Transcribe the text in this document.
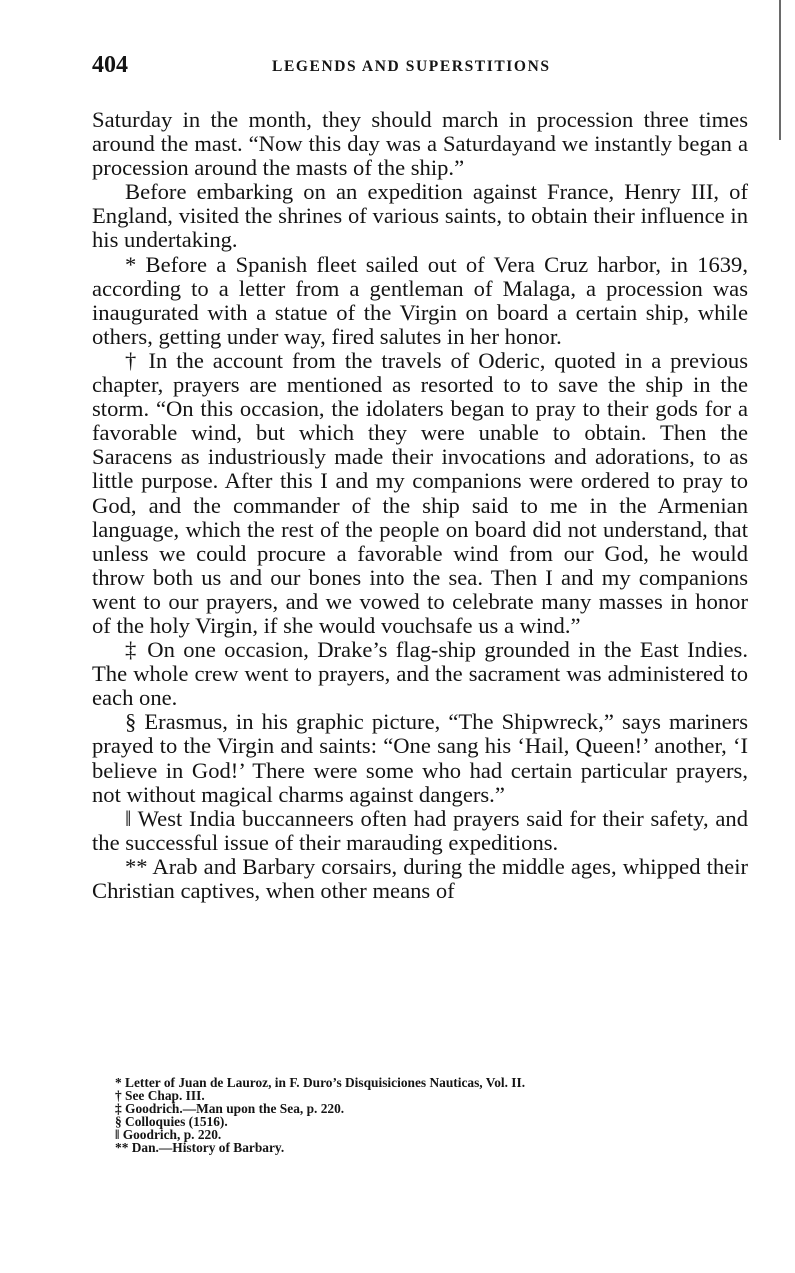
404	LEGENDS AND SUPERSTITIONS

Saturday in the month, they should march in procession three times around the mast. “Now this day was a Saturdayand we instantly began a procession around the masts of the ship.”

Before embarking on an expedition against France, Henry III, of England, visited the shrines of various saints, to obtain their influence in his undertaking.

* Before a Spanish fleet sailed out of Vera Cruz harbor, in 1639, according to a letter from a gentleman of Malaga, a procession was inaugurated with a statue of the Virgin on board a certain ship, while others, getting under way, fired salutes in her honor.

† In the account from the travels of Oderic, quoted in a previous chapter, prayers are mentioned as resorted to to save the ship in the storm. “On this occasion, the idolaters began to pray to their gods for a favorable wind, but which they were unable to obtain. Then the Saracens as industriously made their invocations and adorations, to as little purpose. After this I and my companions were ordered to pray to God, and the commander of the ship said to me in the Armenian language, which the rest of the people on board did not understand, that unless we could procure a favorable wind from our God, he would throw both us and our bones into the sea. Then I and my companions went to our prayers, and we vowed to celebrate many masses in honor of the holy Virgin, if she would vouchsafe us a wind.”

‡ On one occasion, Drake’s flag-ship grounded in the East Indies. The whole crew went to prayers, and the sacrament was administered to each one.

§ Erasmus, in his graphic picture, “The Shipwreck,” says mariners prayed to the Virgin and saints: “One sang his ‘Hail, Queen!’ another, ‘I believe in God!’ There were some who had certain particular prayers, not without magical charms against dangers.”

‖ West India buccanneers often had prayers said for their safety, and the successful issue of their marauding expeditions.

** Arab and Barbary corsairs, during the middle ages, whipped their Christian captives, when other means of

* Letter of Juan de Lauroz, in F. Duro’s Disquisiciones Nauticas, Vol. II.

† See Chap. III.

‡ Goodrich.—Man upon the Sea, p. 220.

§ Colloquies (1516).

‖ Goodrich, p. 220.

** Dan.—History of Barbary.
